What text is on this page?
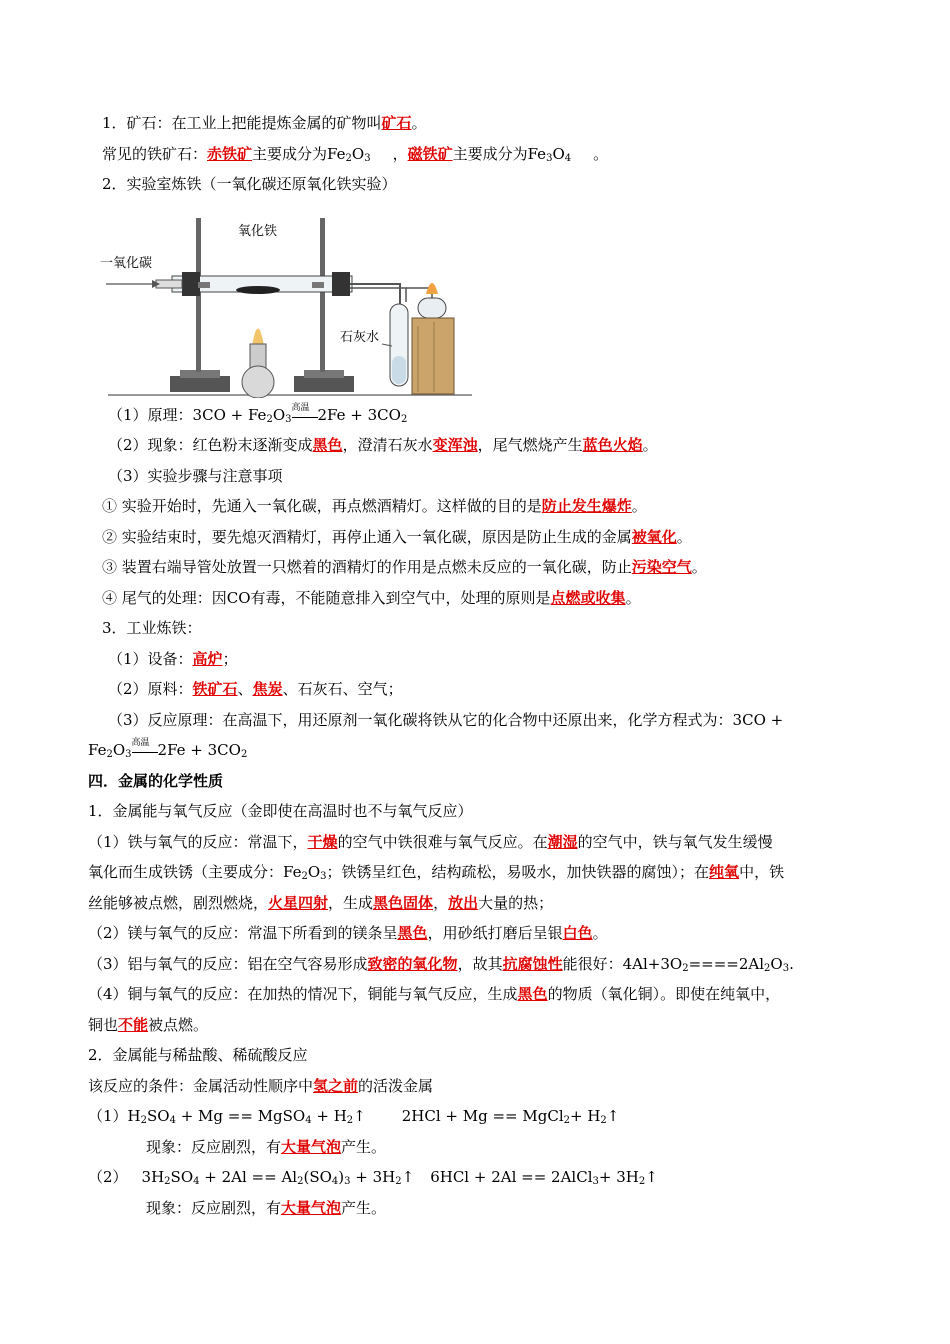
1．矿石：在工业上把能提炼金属的矿物叫矿石。
常见的铁矿石：赤铁矿主要成分为$Fe_2O_3$ ，磁铁矿主要成分为$Fe_3O_4$ 。
2．实验室炼铁（一氧化碳还原氧化铁实验）
一氧化碳
氧化铁
石灰水
（1）原理：$3CO + Fe_2O_3$
高温 $2Fe + 3CO_2$
（2）现象：红色粉末逐渐变成黑色，澄清石灰水变浑浊，尾气燃烧产生蓝色火焰。
（3）实验步骤与注意事项
① 实验开始时，先通入一氧化碳，再点燃酒精灯。这样做的目的是防止发生爆炸。
② 实验结束时，要先熄灭酒精灯，再停止通入一氧化碳，原因是防止生成的金属被氧化。
③ 装置右端导管处放置一只燃着的酒精灯的作用是点燃未反应的一氧化碳，防止污染空气。
④ 尾气的处理：因CO有毒，不能随意排入到空气中，处理的原则是点燃或收集。
3．工业炼铁：
（1）设备：高炉；
（2）原料：铁矿石、焦炭、石灰石、空气；
（3）反应原理：在高温下，用还原剂一氧化碳将铁从它的化合物中还原出来，化学方程式为：3CO +
$Fe_2O_3$
高温 $2Fe + 3CO_2$
四．金属的化学性质
1．金属能与氧气反应（金即使在高温时也不与氧气反应）
（1）铁与氧气的反应：常温下，干燥的空气中铁很难与氧气反应。在潮湿的空气中，铁与氧气发生缓慢
氧化而生成铁锈（主要成分：$Fe_2O_3$；铁锈呈红色，结构疏松，易吸水，加快铁器的腐蚀）；在纯氧中，铁
丝能够被点燃，剧烈燃烧，火星四射，生成黑色固体，放出大量的热；
（2）镁与氧气的反应：常温下所看到的镁条呈黑色，用砂纸打磨后呈银白色。
（3）铝与氧气的反应：铝在空气容易形成致密的氧化物，故其抗腐蚀性能很好：$4Al+3O_2====2Al_2O_3$.
（4）铜与氧气的反应：在加热的情况下，铜能与氧气反应，生成黑色的物质（氧化铜）。即使在纯氧中，
铜也不能被点燃。
2．金属能与稀盐酸、稀硫酸反应
该反应的条件：金属活动性顺序中氢之前的活泼金属
$(1)H_2SO_4 + Mg$ == MgSO$_4$ + $H_2↑$ 2HCl + Mg == MgCl$_2$+ $H_2↑$
现象：反应剧烈，有大量气泡产生。
（2） $3H_2SO_4 + 2Al == Al_2(SO_4)_3$ + $3H_2↑$ 6HCl + 2Al == 2AlCl$_3$+ $3H_2↑$
现象：反应剧烈，有大量气泡产生。
